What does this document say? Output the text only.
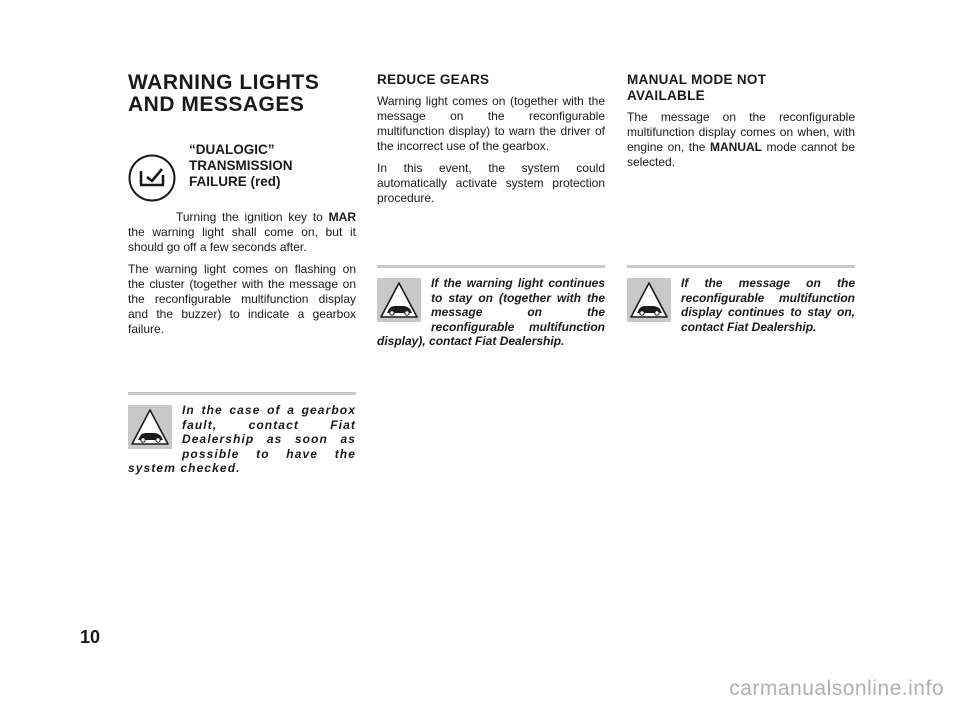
WARNING LIGHTS
AND MESSAGES
“DUALOGIC”
TRANSMISSION
FAILURE (red)

Turning the ignition key to MAR the warning light shall come on, but it should go off a few seconds after.

The warning light comes on flashing on the cluster (together with the message on the reconfigurable multifunction display and the buzzer) to indicate a gearbox failure.

In the case of a gearbox fault, contact Fiat Dealership as soon as possible to have the system checked.

REDUCE GEARS

Warning light comes on (together with the message on the reconfigurable multifunction display) to warn the driver of the incorrect use of the gearbox.

In this event, the system could automatically activate system protection procedure.

If the warning light continues to stay on (together with the message on the reconfigurable multifunction display), contact Fiat Dealership.

MANUAL MODE NOT
AVAILABLE

The message on the reconfigurable multifunction display comes on when, with engine on, the MANUAL mode cannot be selected.

If the message on the reconfigurable multifunction display continues to stay on, contact Fiat Dealership.

10
carmanualsonline.info
